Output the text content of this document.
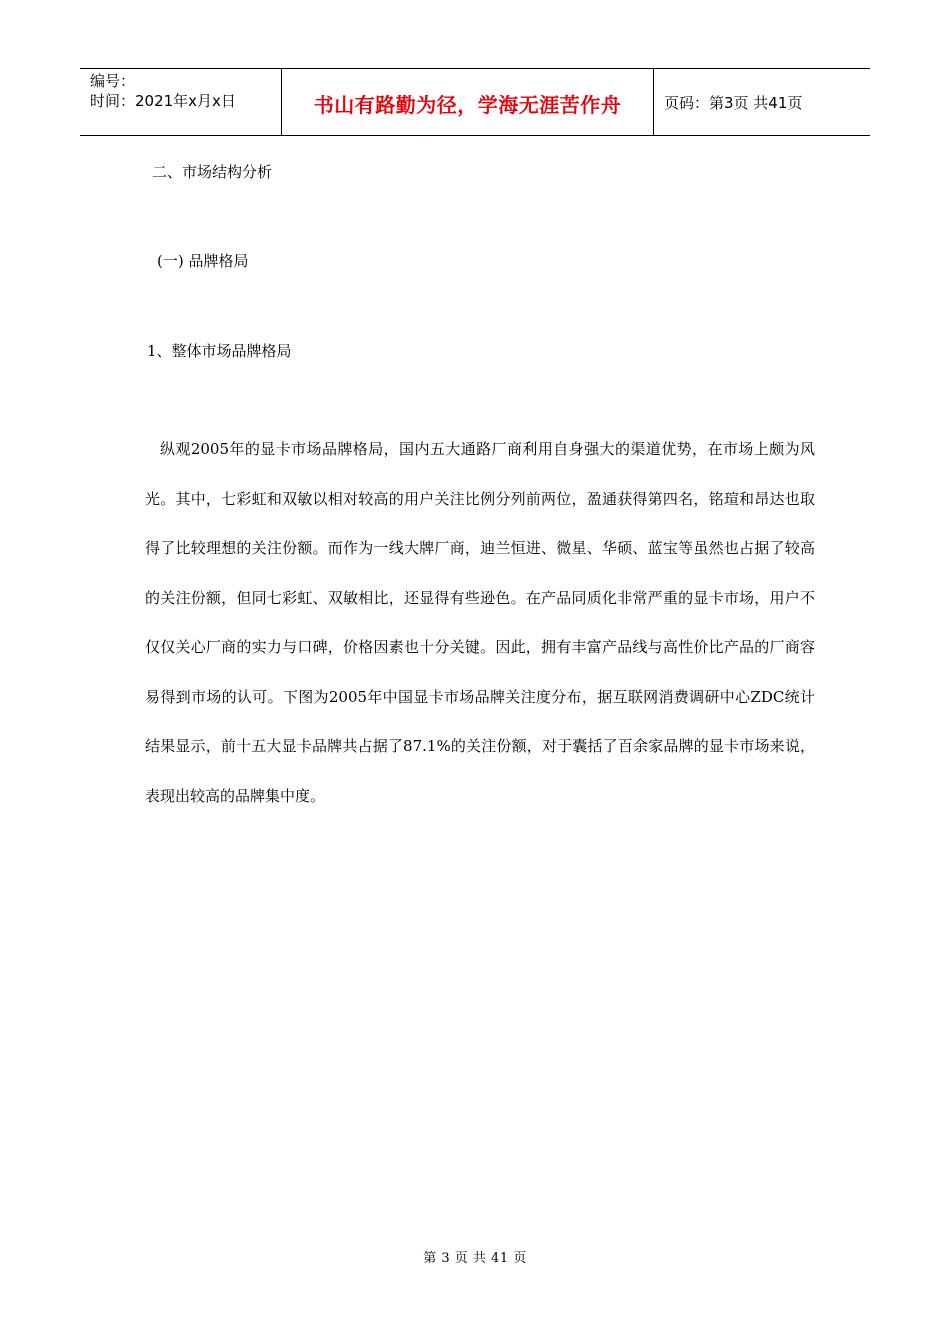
编号：
时间：2021年x月x日	书山有路勤为径，学海无涯苦作舟	页码：第3页 共41页
二、市场结构分析
(一) 品牌格局
1、整体市场品牌格局
纵观2005年的显卡市场品牌格局，国内五大通路厂商利用自身强大的渠道优势，在市场上颇为风光。其中，七彩虹和双敏以相对较高的用户关注比例分列前两位，盈通获得第四名，铭瑄和昂达也取得了比较理想的关注份额。而作为一线大牌厂商，迪兰恒进、微星、华硕、蓝宝等虽然也占据了较高的关注份额，但同七彩虹、双敏相比，还显得有些逊色。在产品同质化非常严重的显卡市场，用户不仅仅关心厂商的实力与口碑，价格因素也十分关键。因此，拥有丰富产品线与高性价比产品的厂商容易得到市场的认可。下图为2005年中国显卡市场品牌关注度分布，据互联网消费调研中心ZDC统计结果显示，前十五大显卡品牌共占据了87.1%的关注份额，对于囊括了百余家品牌的显卡市场来说，表现出较高的品牌集中度。
第 3 页 共 41 页
